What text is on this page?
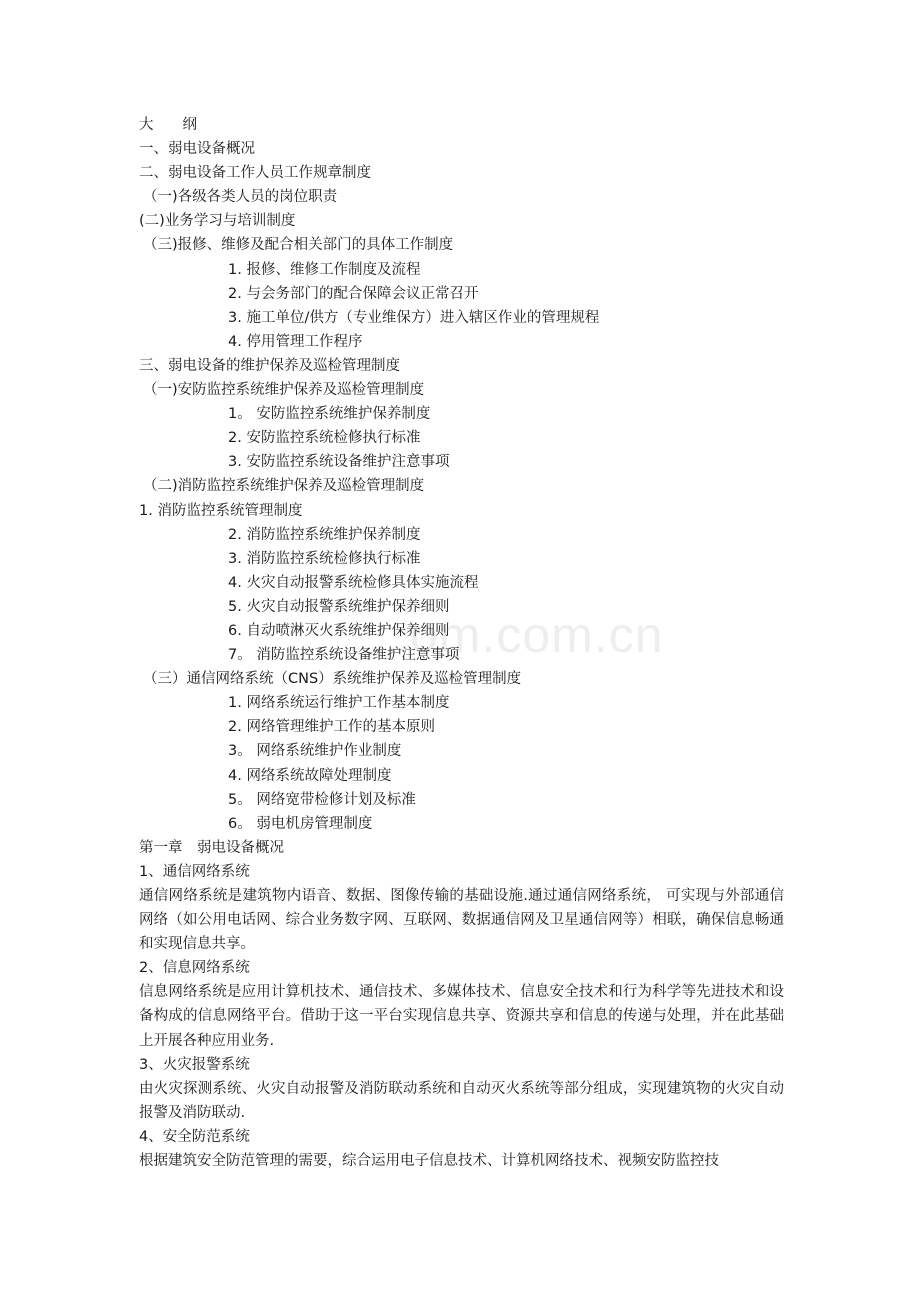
大　　纲
一、弱电设备概况
二、弱电设备工作人员工作规章制度
（一)各级各类人员的岗位职责
(二)业务学习与培训制度
（三)报修、维修及配合相关部门的具体工作制度
1. 报修、维修工作制度及流程
2. 与会务部门的配合保障会议正常召开
3. 施工单位/供方（专业维保方）进入辖区作业的管理规程
4. 停用管理工作程序
三、弱电设备的维护保养及巡检管理制度
（一)安防监控系统维护保养及巡检管理制度
1。 安防监控系统维护保养制度
2. 安防监控系统检修执行标准
3. 安防监控系统设备维护注意事项
（二)消防监控系统维护保养及巡检管理制度
1. 消防监控系统管理制度
2. 消防监控系统维护保养制度
3. 消防监控系统检修执行标准
4. 火灾自动报警系统检修具体实施流程
5. 火灾自动报警系统维护保养细则
6. 自动喷淋灭火系统维护保养细则
7。 消防监控系统设备维护注意事项
（三）通信网络系统（CNS）系统维护保养及巡检管理制度
1. 网络系统运行维护工作基本制度
2. 网络管理维护工作的基本原则
3。 网络系统维护作业制度
4. 网络系统故障处理制度
5。 网络宽带检修计划及标准
6。 弱电机房管理制度
第一章　弱电设备概况
1、通信网络系统
通信网络系统是建筑物内语音、数据、图像传输的基础设施.通过通信网络系统， 可实现与外部通信网络（如公用电话网、综合业务数字网、互联网、数据通信网及卫星通信网等）相联，确保信息畅通和实现信息共享。
2、信息网络系统
信息网络系统是应用计算机技术、通信技术、多媒体技术、信息安全技术和行为科学等先进技术和设备构成的信息网络平台。借助于这一平台实现信息共享、资源共享和信息的传递与处理，并在此基础上开展各种应用业务.
3、火灾报警系统
由火灾探测系统、火灾自动报警及消防联动系统和自动灭火系统等部分组成，实现建筑物的火灾自动报警及消防联动.
4、安全防范系统
根据建筑安全防范管理的需要，综合运用电子信息技术、计算机网络技术、视频安防监控技
om.com.cn
